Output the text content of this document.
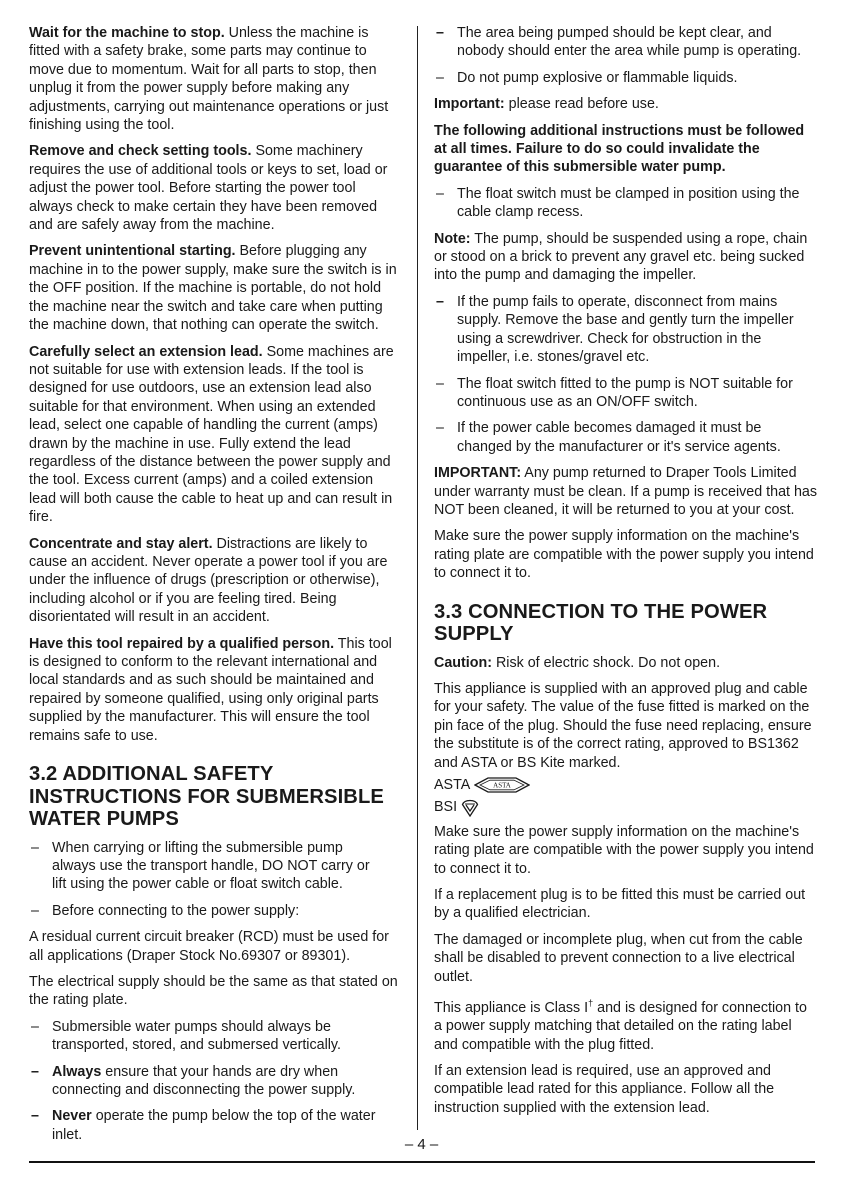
Wait for the machine to stop. Unless the machine is fitted with a safety brake, some parts may continue to move due to momentum. Wait for all parts to stop, then unplug it from the power supply before making any adjustments, carrying out maintenance operations or just finishing using the tool.

Remove and check setting tools. Some machinery requires the use of additional tools or keys to set, load or adjust the power tool. Before starting the power tool always check to make certain they have been removed and are safely away from the machine.

Prevent unintentional starting. Before plugging any machine in to the power supply, make sure the switch is in the OFF position. If the machine is portable, do not hold the machine near the switch and take care when putting the machine down, that nothing can operate the switch.

Carefully select an extension lead. Some machines are not suitable for use with extension leads. If the tool is designed for use outdoors, use an extension lead also suitable for that environment. When using an extended lead, select one capable of handling the current (amps) drawn by the machine in use. Fully extend the lead regardless of the distance between the power supply and the tool. Excess current (amps) and a coiled extension lead will both cause the cable to heat up and can result in fire.

Concentrate and stay alert. Distractions are likely to cause an accident. Never operate a power tool if you are under the influence of drugs (prescription or otherwise), including alcohol or if you are feeling tired. Being disorientated will result in an accident.

Have this tool repaired by a qualified person. This tool is designed to conform to the relevant international and local standards and as such should be maintained and repaired by someone qualified, using only original parts supplied by the manufacturer. This will ensure the tool remains safe to use.

3.2 ADDITIONAL SAFETY INSTRUCTIONS FOR SUBMERSIBLE WATER PUMPS
– When carrying or lifting the submersible pump always use the transport handle, DO NOT carry or lift using the power cable or float switch cable.
– Before connecting to the power supply:

A residual current circuit breaker (RCD) must be used for all applications (Draper Stock No.69307 or 89301).

The electrical supply should be the same as that stated on the rating plate.

– Submersible water pumps should always be transported, stored, and submersed vertically.
– Always ensure that your hands are dry when connecting and disconnecting the power supply.
– Never operate the pump below the top of the water inlet.
– The area being pumped should be kept clear, and nobody should enter the area while pump is operating.
– Do not pump explosive or flammable liquids.

Important: please read before use.

The following additional instructions must be followed at all times. Failure to do so could invalidate the guarantee of this submersible water pump.

– The float switch must be clamped in position using the cable clamp recess.

Note: The pump, should be suspended using a rope, chain or stood on a brick to prevent any gravel etc. being sucked into the pump and damaging the impeller.

– If the pump fails to operate, disconnect from mains supply. Remove the base and gently turn the impeller using a screwdriver. Check for obstruction in the impeller, i.e. stones/gravel etc.
– The float switch fitted to the pump is NOT suitable for continuous use as an ON/OFF switch.
– If the power cable becomes damaged it must be changed by the manufacturer or it's service agents.

IMPORTANT: Any pump returned to Draper Tools Limited under warranty must be clean. If a pump is received that has NOT been cleaned, it will be returned to you at your cost.

Make sure the power supply information on the machine's rating plate are compatible with the power supply you intend to connect it to.

3.3 CONNECTION TO THE POWER SUPPLY

Caution: Risk of electric shock. Do not open.

This appliance is supplied with an approved plug and cable for your safety. The value of the fuse fitted is marked on the pin face of the plug. Should the fuse need replacing, ensure the substitute is of the correct rating, approved to BS1362 and ASTA or BS Kite marked.

ASTA	ASTA
BSI

Make sure the power supply information on the machine's rating plate are compatible with the power supply you intend to connect it to.

If a replacement plug is to be fitted this must be carried out by a qualified electrician.

The damaged or incomplete plug, when cut from the cable shall be disabled to prevent connection to a live electrical outlet.

This appliance is Class I† and is designed for connection to a power supply matching that detailed on the rating label and compatible with the plug fitted.

If an extension lead is required, use an approved and compatible lead rated for this appliance. Follow all the instruction supplied with the extension lead.

– 4 –
